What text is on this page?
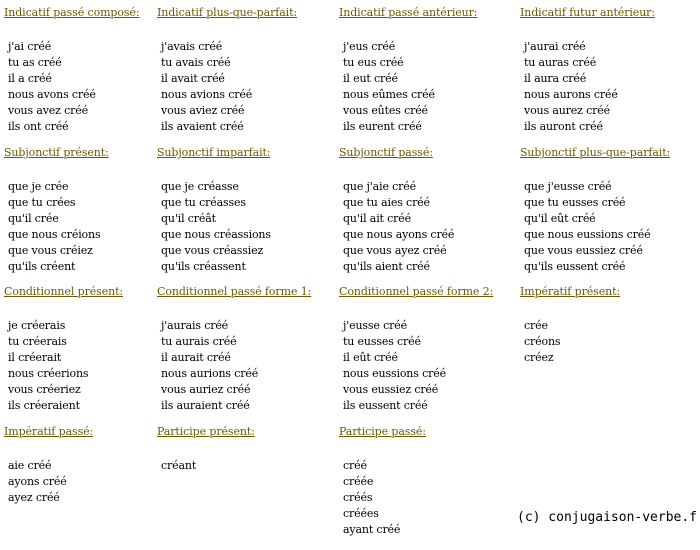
Indicatif passé composé:
j'ai créé
tu as créé
il a créé
nous avons créé
vous avez créé
ils ont créé
Indicatif plus-que-parfait:
j'avais créé
tu avais créé
il avait créé
nous avions créé
vous aviez créé
ils avaient créé
Indicatif passé antérieur:
j'eus créé
tu eus créé
il eut créé
nous eûmes créé
vous eûtes créé
ils eurent créé
Indicatif futur antérieur:
j'aurai créé
tu auras créé
il aura créé
nous aurons créé
vous aurez créé
ils auront créé
Subjonctif présent:
que je crée
que tu crées
qu'il crée
que nous créions
que vous créiez
qu'ils créent
Subjonctif imparfait:
que je créasse
que tu créasses
qu'il créât
que nous créassions
que vous créassiez
qu'ils créassent
Subjonctif passé:
que j'aie créé
que tu aies créé
qu'il ait créé
que nous ayons créé
que vous ayez créé
qu'ils aient créé
Subjonctif plus-que-parfait:
que j'eusse créé
que tu eusses créé
qu'il eût créé
que nous eussions créé
que vous eussiez créé
qu'ils eussent créé
Conditionnel présent:
je créerais
tu créerais
il créerait
nous créerions
vous créeriez
ils créeraient
Conditionnel passé forme 1:
j'aurais créé
tu aurais créé
il aurait créé
nous aurions créé
vous auriez créé
ils auraient créé
Conditionnel passé forme 2:
j'eusse créé
tu eusses créé
il eût créé
nous eussions créé
vous eussiez créé
ils eussent créé
Impératif présent:
crée
créons
créez
Impératif passé:
aie créé
ayons créé
ayez créé
Participe présent:
créant
Participe passé:
créé
créée
créés
créées
ayant créé
(c) conjugaison-verbe.f
